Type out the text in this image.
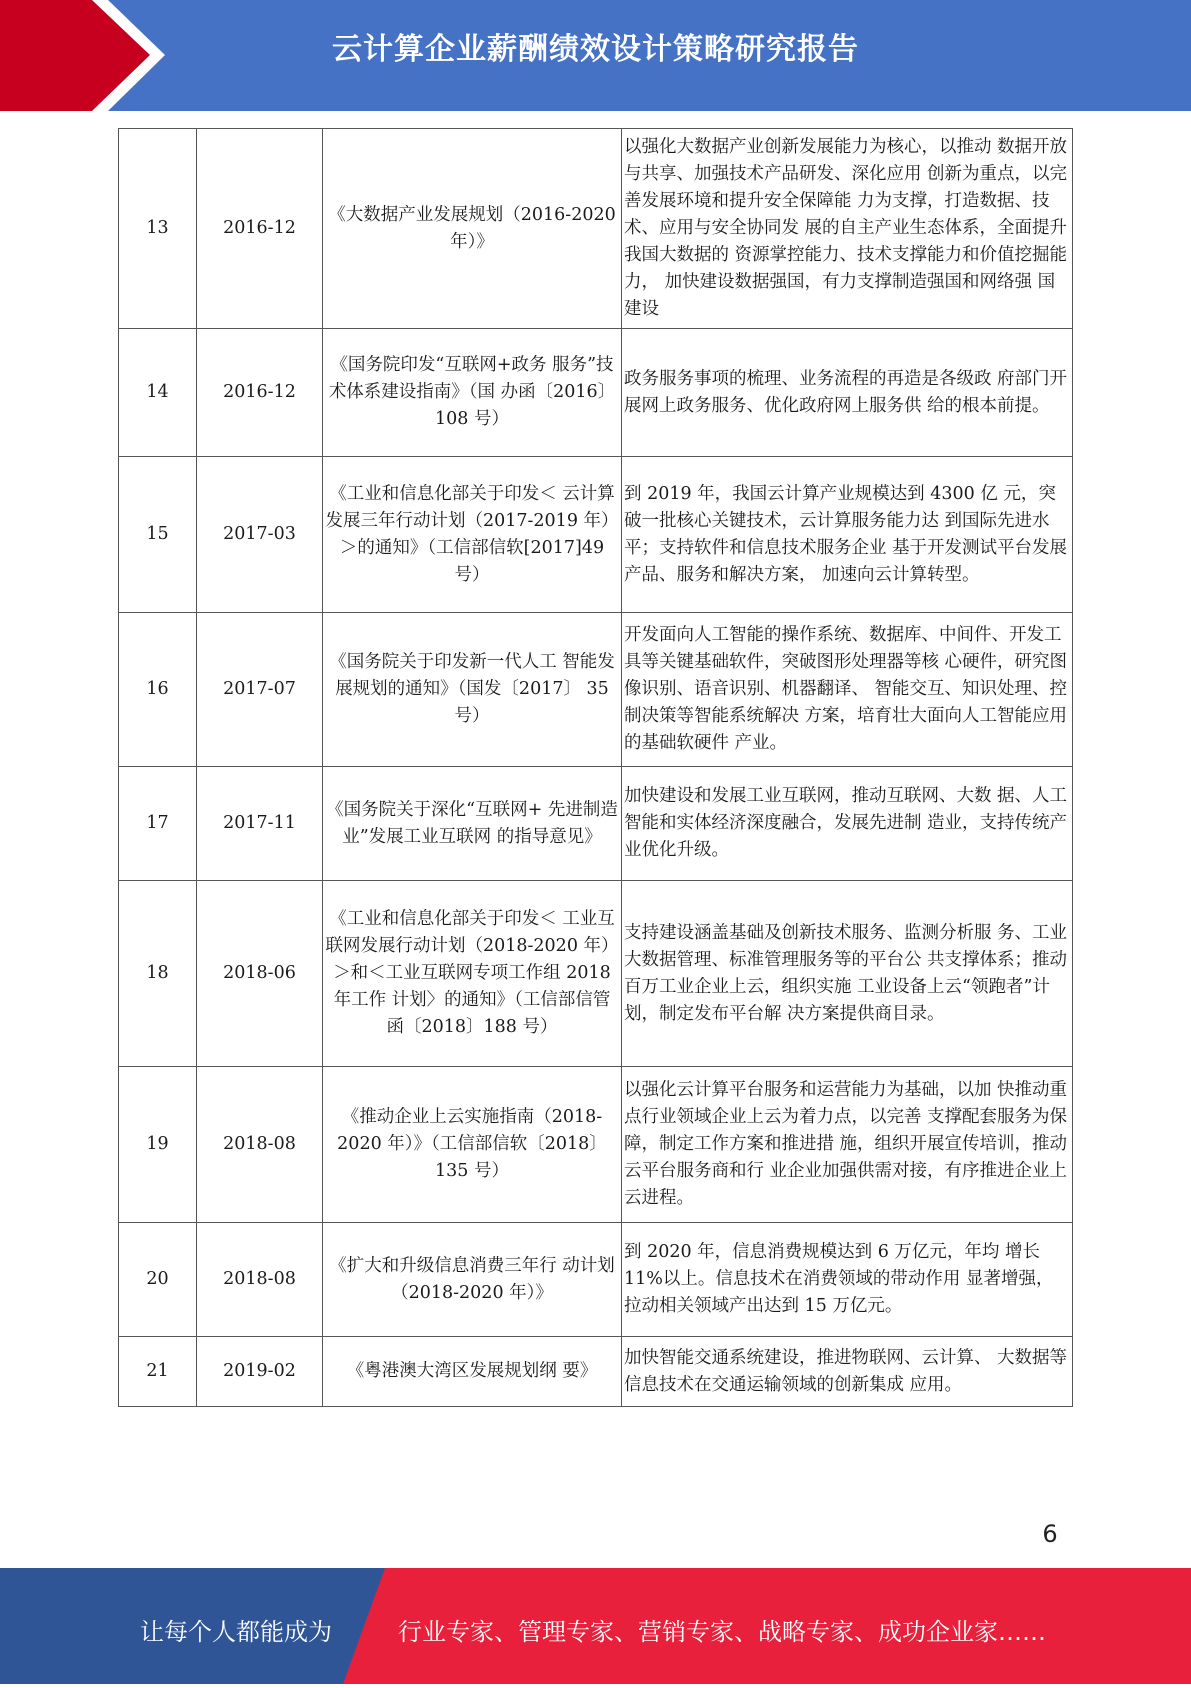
云计算企业薪酬绩效设计策略研究报告
13	2016-12	《大数据产业发展规划（2016-2020 年）》	以强化大数据产业创新发展能力为核心，以推动 数据开放与共享、加强技术产品研发、深化应用 创新为重点，以完善发展环境和提升安全保障能 力为支撑，打造数据、技术、应用与安全协同发 展的自主产业生态体系，全面提升我国大数据的 资源掌控能力、技术支撑能力和价值挖掘能力， 加快建设数据强国，有力支撑制造强国和网络强 国建设
14	2016-12	《国务院印发“互联网+政务 服务”技术体系建设指南》（国 办函〔2016〕 108 号）	政务服务事项的梳理、业务流程的再造是各级政 府部门开展网上政务服务、优化政府网上服务供 给的根本前提。
15	2017-03	《工业和信息化部关于印发＜ 云计算发展三年行动计划（2017-2019 年）＞的通知》（工信部信软[2017]49 号）	到 2019 年，我国云计算产业规模达到 4300 亿 元，突破一批核心关键技术，云计算服务能力达 到国际先进水平；支持软件和信息技术服务企业 基于开发测试平台发展产品、服务和解决方案， 加速向云计算转型。
16	2017-07	《国务院关于印发新一代人工 智能发展规划的通知》（国发〔2017〕 35 号）	开发面向人工智能的操作系统、数据库、中间件、开发工具等关键基础软件，突破图形处理器等核 心硬件，研究图像识别、语音识别、机器翻译、 智能交互、知识处理、控制决策等智能系统解决 方案，培育壮大面向人工智能应用的基础软硬件 产业。
17	2017-11	《国务院关于深化“互联网+ 先进制造业”发展工业互联网 的指导意见》	加快建设和发展工业互联网，推动互联网、大数 据、人工智能和实体经济深度融合，发展先进制 造业，支持传统产业优化升级。
18	2018-06	《工业和信息化部关于印发＜ 工业互联网发展行动计划（2018-2020 年）＞和＜工业互联网专项工作组 2018 年工作 计划〉的通知》（工信部信管函〔2018〕188 号）	支持建设涵盖基础及创新技术服务、监测分析服 务、工业大数据管理、标准管理服务等的平台公 共支撑体系；推动百万工业企业上云，组织实施 工业设备上云“领跑者”计划，制定发布平台解 决方案提供商目录。
19	2018-08	《推动企业上云实施指南（2018-2020 年）》（工信部信软〔2018〕 135 号）	以强化云计算平台服务和运营能力为基础，以加 快推动重点行业领域企业上云为着力点，以完善 支撑配套服务为保障，制定工作方案和推进措 施，组织开展宣传培训，推动云平台服务商和行 业企业加强供需对接，有序推进企业上云进程。
20	2018-08	《扩大和升级信息消费三年行 动计划（2018-2020 年）》	到 2020 年，信息消费规模达到 6 万亿元，年均 增长 11%以上。信息技术在消费领域的带动作用 显著增强，拉动相关领域产出达到 15 万亿元。
21	2019-02	《粤港澳大湾区发展规划纲 要》	加快智能交通系统建设，推进物联网、云计算、 大数据等信息技术在交通运输领域的创新集成 应用。
6
让每个人都能成为	行业专家、管理专家、营销专家、战略专家、成功企业家……
